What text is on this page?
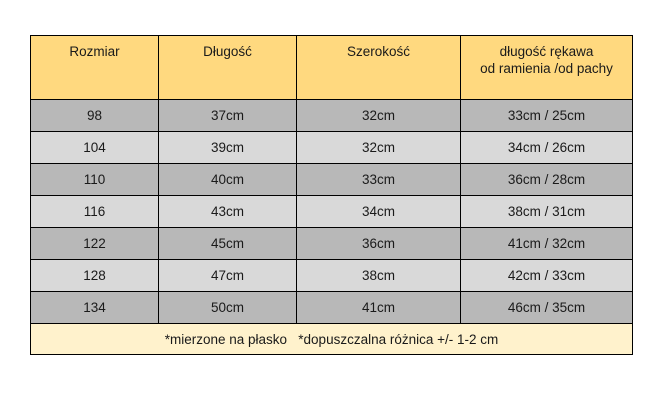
Rozmiar	Długość	Szerokość	długość rękawa
od ramienia /od pachy

98	37cm	32cm	33cm / 25cm
104	39cm	32cm	34cm / 26cm
110	40cm	33cm	36cm / 28cm
116	43cm	34cm	38cm / 31cm
122	45cm	36cm	41cm / 32cm
128	47cm	38cm	42cm / 33cm
134	50cm	41cm	46cm / 35cm
*mierzone na płasko   *dopuszczalna różnica +/- 1-2 cm			
